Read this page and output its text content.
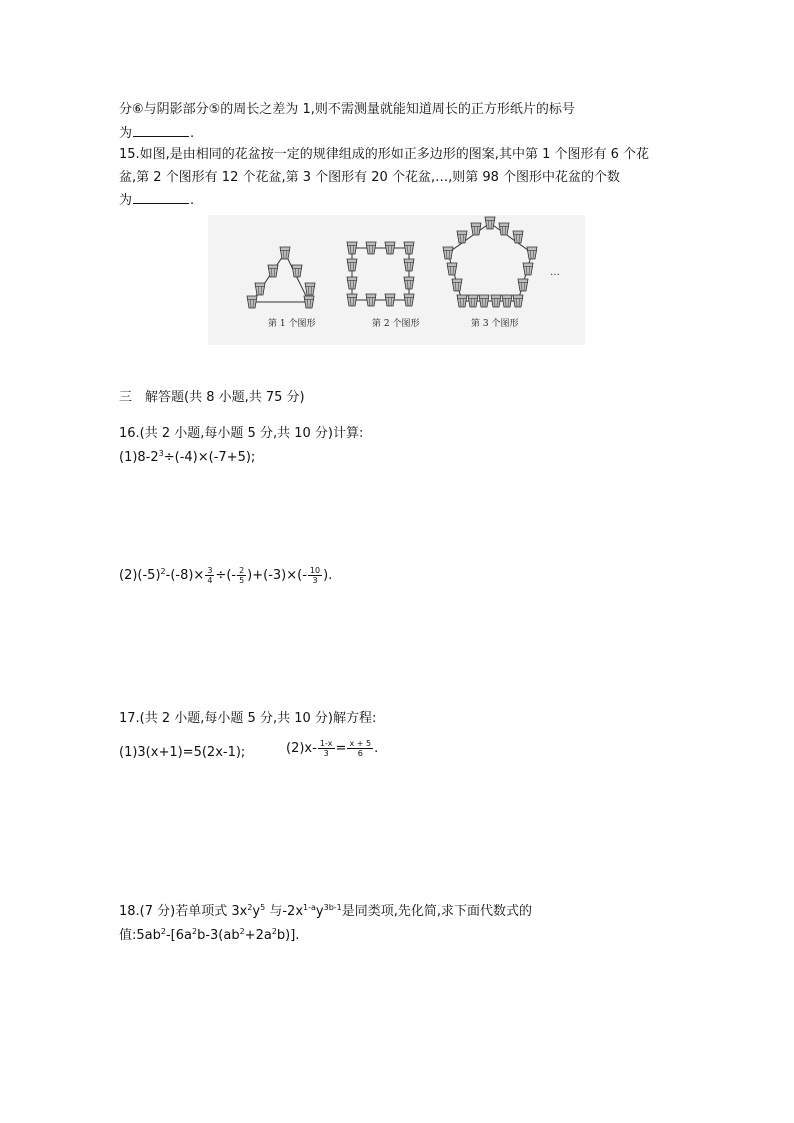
分⑥与阴影部分⑤的周长之差为 1,则不需测量就能知道周长的正方形纸片的标号
为	.
15.如图,是由相同的花盆按一定的规律组成的形如正多边形的图案,其中第 1 个图形有 6 个花
盆,第 2 个图形有 12 个花盆,第 3 个图形有 20 个花盆,…,则第 98 个图形中花盆的个数
为	.
…
第 1 个图形	第 2 个图形	第 3 个图形
三　解答题(共 8 小题,共 75 分)
16.(共 2 小题,每小题 5 分,共 10 分)计算:
$(1)8-2^3\div(-4)\times(-7+5)$;
$(2)(-5)^2-(-8)\times \frac{3}{4}$ ÷(- $\frac{2}{5} )+(-3)\times(- \frac{10}{3}$ ).
17.(共 2 小题,每小题 5 分,共 10 分)解方程:
(1)3(x+1)=5(2x-1);	$(2)x- \frac{1-x}{3} = \frac{x + 5}{6}$ .
18.(7 分)若单项式 $3x^2y^5$ 与$-2x^{1-a}y^{3b-1}$是同类项,先化简,求下面代数式的
值$:5ab^2-[6a^2b-3(ab^2+2a^2b)]$.
